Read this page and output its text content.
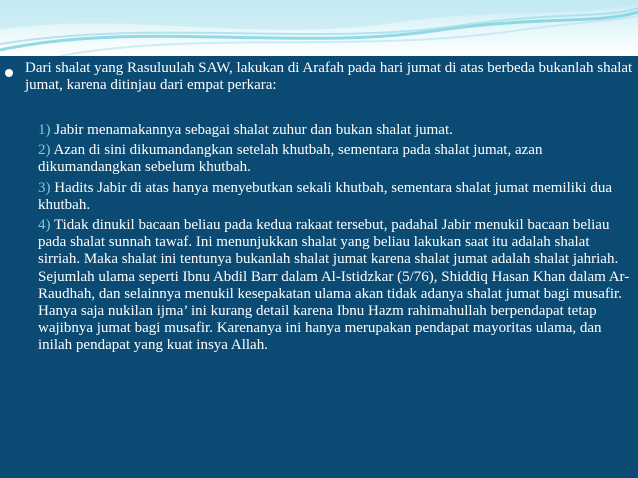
Dari shalat yang Rasuluulah SAW, lakukan di Arafah pada hari jumat di atas berbeda bukanlah shalat jumat, karena ditinjau dari empat perkara:

1) Jabir menamakannya sebagai shalat zuhur dan bukan shalat jumat.

2) Azan di sini dikumandangkan setelah khutbah, sementara pada shalat jumat, azan dikumandangkan sebelum khutbah.

3) Hadits Jabir di atas hanya menyebutkan sekali khutbah, sementara shalat jumat memiliki dua khutbah.

4) Tidak dinukil bacaan beliau pada kedua rakaat tersebut, padahal Jabir menukil bacaan beliau pada shalat sunnah tawaf. Ini menunjukkan shalat yang beliau lakukan saat itu adalah shalat sirriah. Maka shalat ini tentunya bukanlah shalat jumat karena shalat jumat adalah shalat jahriah.

Sejumlah ulama seperti Ibnu Abdil Barr dalam Al-Istidzkar (5/76), Shiddiq Hasan Khan dalam Ar-Raudhah, dan selainnya menukil kesepakatan ulama akan tidak adanya shalat jumat bagi musafir. Hanya saja nukilan ijma’ ini kurang detail karena Ibnu Hazm rahimahullah berpendapat tetap wajibnya jumat bagi musafir. Karenanya ini hanya merupakan pendapat mayoritas ulama, dan inilah pendapat yang kuat insya Allah.
